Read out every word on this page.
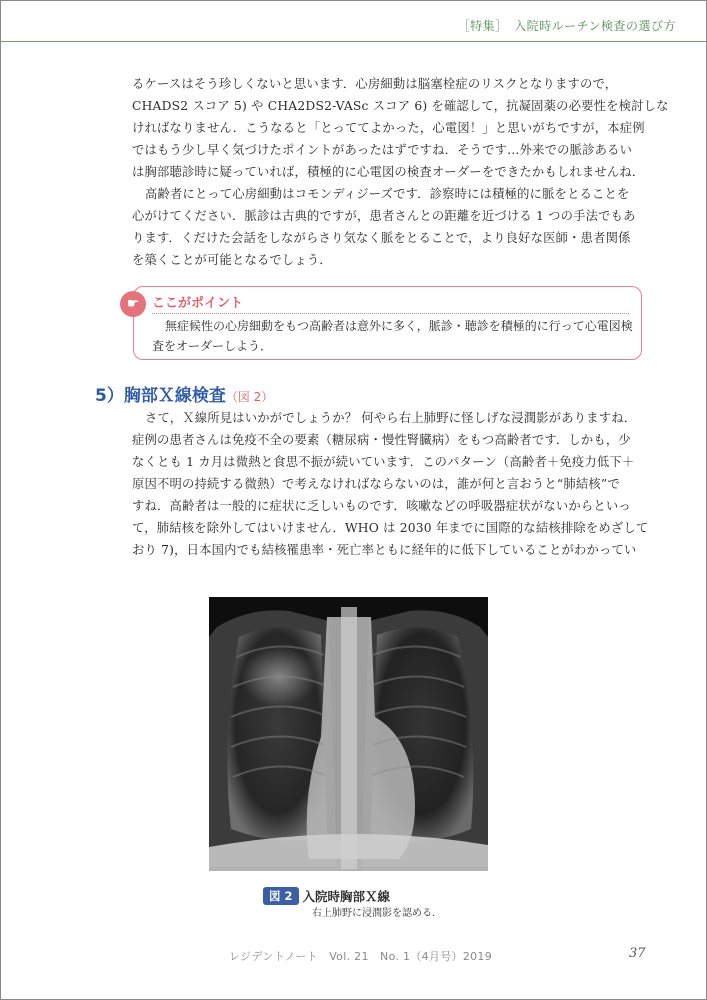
［特集］　入院時ルーチン検査の選び方

るケースはそう珍しくないと思います．心房細動は脳塞栓症のリスクとなりますので，

CHADS2 スコア 5) や CHA2DS2-VASc スコア 6) を確認して，抗凝固薬の必要性を検討しな

ければなりません．こうなると「とっててよかった，心電図！」と思いがちですが，本症例

ではもう少し早く気づけたポイントがあったはずですね．そうです…外来での脈診あるい

は胸部聴診時に疑っていれば，積極的に心電図の検査オーダーをできたかもしれませんね．

高齢者にとって心房細動はコモンディジーズです．診察時には積極的に脈をとることを

心がけてください．脈診は古典的ですが，患者さんとの距離を近づける 1 つの手法でもあ

ります．くだけた会話をしながらさり気なく脈をとることで，より良好な医師・患者関係

を築くことが可能となるでしょう．

☛ ここがポイント

無症候性の心房細動をもつ高齢者は意外に多く，脈診・聴診を積極的に行って心電図検

査をオーダーしよう．

5）胸部Ｘ線検査（図 2）

さて，Ｘ線所見はいかがでしょうか？ 何やら右上肺野に怪しげな浸潤影がありますね．

症例の患者さんは免疫不全の要素（糖尿病・慢性腎臓病）をもつ高齢者です．しかも，少

なくとも 1 カ月は微熱と食思不振が続いています．このパターン（高齢者＋免疫力低下＋

原因不明の持続する微熱）で考えなければならないのは，誰が何と言おうと“肺結核”で

すね．高齢者は一般的に症状に乏しいものです．咳嗽などの呼吸器症状がないからといっ

て，肺結核を除外してはいけません．WHO は 2030 年までに国際的な結核排除をめざして

おり 7)，日本国内でも結核罹患率・死亡率ともに経年的に低下していることがわかってい

図 2 入院時胸部Ｘ線
右上肺野に浸潤影を認める．
レジデントノート　Vol. 21　No. 1（4月号）2019	37
